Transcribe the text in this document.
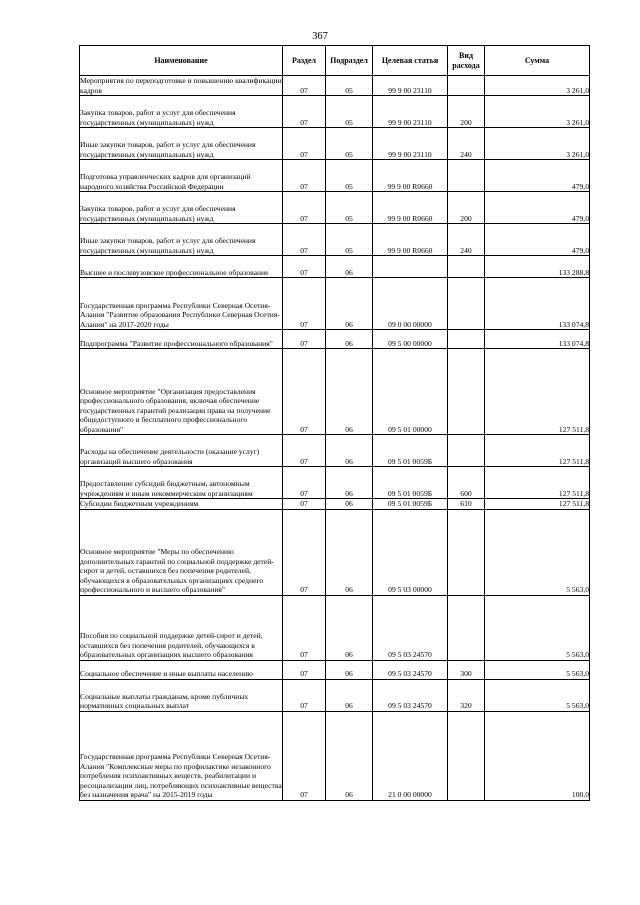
367
Наименование	Раздел	Подраздел	Целевая статья	Вид расхода	Сумма
Мероприятия по переподготовке и повышению квалификации кадров	07	05	99 9 00 23110		3 261,0
Закупка товаров, работ и услуг для обеспечения государственных (муниципальных) нужд	07	05	99 9 00 23110	200	3 261,0
Иные закупки товаров, работ и услуг для обеспечения государственных (муниципальных) нужд	07	05	99 9 00 23110	240	3 261,0
Подготовка управленческих кадров для организаций народного хозяйства Российской Федерации	07	05	99 9 00 R0660		479,0
Закупка товаров, работ и услуг для обеспечения государственных (муниципальных) нужд	07	05	99 9 00 R0660	200	479,0
Иные закупки товаров, работ и услуг для обеспечения государственных (муниципальных) нужд	07	05	99 9 00 R0660	240	479,0
Высшее и послевузовское профессиональное образование	07	06			133 288,8
Государственная программа Республики Северная Осетия-Алания "Развитие образования Республики Северная Осетия-Алания" на 2017-2020 годы	07	06	09 0 00 00000		133 074,8
Подпрограмма "Развитие профессионального образования"	07	06	09 5 00 00000		133 074,8
Основное мероприятие "Организация предоставления профессионального образования, включая обеспечение государственных гарантий реализации права на получение общедоступного и бесплатного профессионального образования"	07	06	09 5 01 00000		127 511,8
Расходы на обеспечение деятельности (оказание услуг) организаций высшего образования	07	06	09 5 01 0059Б		127 511,8
Предоставление субсидий бюджетным, автономным учреждениям и иным некоммерческим организациям	07	06	09 5 01 0059Б	600	127 511,8
Субсидии бюджетным учреждениям	07	06	09 5 01 0059Б	610	127 511,8
Основное мероприятие "Меры по обеспечению дополнительных гарантий по социальной поддержке детей-сирот и детей, оставшихся без попечения родителей, обучающихся в образовательных организациях среднего профессионального и высшего образования"	07	06	09 5 03 00000		5 563,0
Пособия по социальной поддержке детей-сирот и детей, оставшихся без попечения родителей, обучающихся в образовательных организациях высшего образования	07	06	09 5 03 24570		5 563,0
Социальное обеспечение и иные выплаты населению	07	06	09 5 03 24570	300	5 563,0
Социальные выплаты гражданам, кроме публичных нормативных социальных выплат	07	06	09 5 03 24570	320	5 563,0
Государственная программа Республики Северная Осетия-Алания "Комплексные меры по профилактике незаконного потребления психоактивных веществ, реабилитации и ресоциализации лиц, потребляющих психоактивные вещества без назначения врача" на 2015-2019 годы	07	06	21 0 00 00000		100,0
